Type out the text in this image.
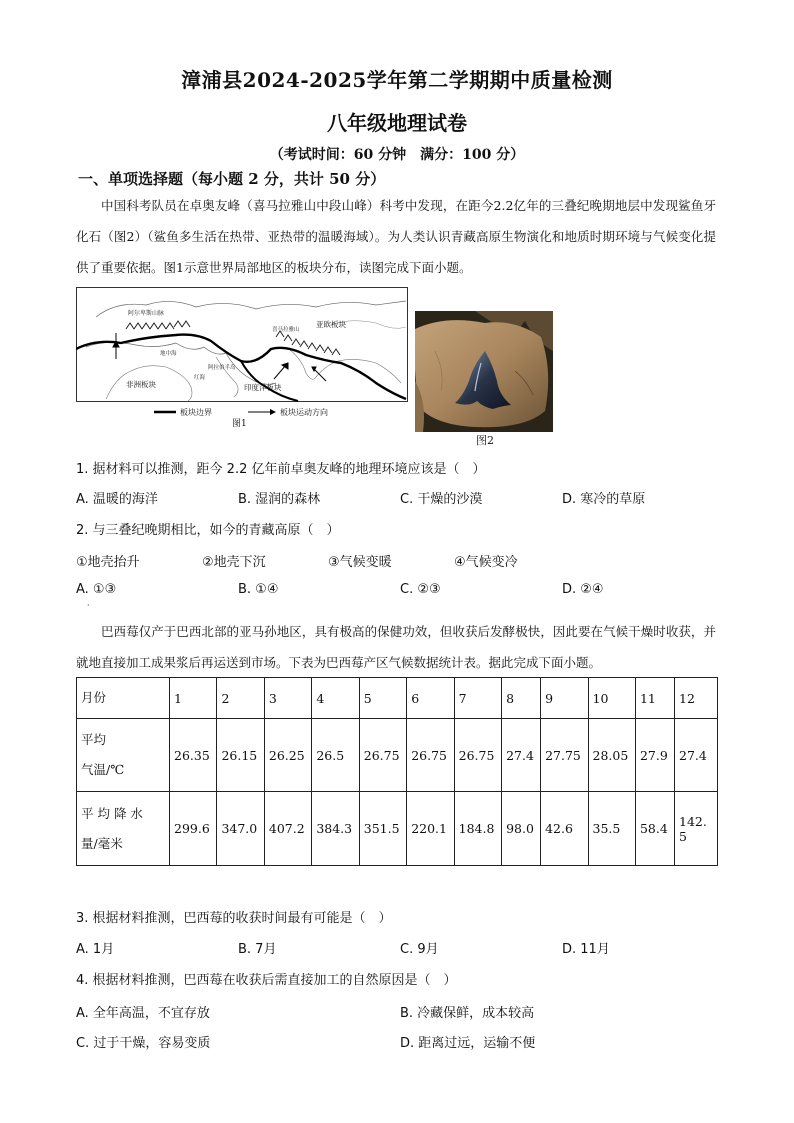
漳浦县2024-2025学年第二学期期中质量检测
八年级地理试卷
（考试时间：60 分钟　满分：100 分）
一、单项选择题（每小题 2 分，共计 50 分）
中国科考队员在卓奥友峰（喜马拉雅山中段山峰）科考中发现，在距今2.2亿年的三叠纪晚期地层中发现鲨鱼牙化石（图2）（鲨鱼多生活在热带、亚热带的温暖海域）。为人类认识青藏高原生物演化和地质时期环境与气候变化提供了重要依据。图1示意世界局部地区的板块分布，读图完成下面小题。
阿尔卑斯山脉
亚欧板块
非洲板块	印度洋板块
喜马拉雅山
地中海
阿拉伯半岛
红海
板块边界	板块运动方向
图1
图2
1. 据材料可以推测，距今 2.2 亿年前卓奥友峰的地理环境应该是（　）
A. 温暖的海洋	B. 湿润的森林	C. 干燥的沙漠	D. 寒冷的草原
2. 与三叠纪晚期相比，如今的青藏高原（　）
①地壳抬升	②地壳下沉	③气候变暖	④气候变冷
A. ①③	B. ①④	C. ②③	D. ②④
·
巴西莓仅产于巴西北部的亚马孙地区，具有极高的保健功效，但收获后发酵极快，因此要在气候干燥时收获，并就地直接加工成果浆后再运送到市场。下表为巴西莓产区气候数据统计表。据此完成下面小题。
月份	1	2	3	4	5	6	7	8	9	10	11	12
平均
气温/℃	26.35	26.15	26.25	26.5	26.75	26.75	26.75	27.4	27.75	28.05	27.9	27.4
平 均 降 水
量/毫米	299.6	347.0	407.2	384.3	351.5	220.1	184.8	98.0	42.6	35.5	58.4	142.5
3. 根据材料推测，巴西莓的收获时间最有可能是（　）
A. 1月	B. 7月	C. 9月	D. 11月
4. 根据材料推测，巴西莓在收获后需直接加工的自然原因是（　）
A. 全年高温，不宜存放	B. 冷藏保鲜，成本较高
C. 过于干燥，容易变质	D. 距离过远，运输不便
